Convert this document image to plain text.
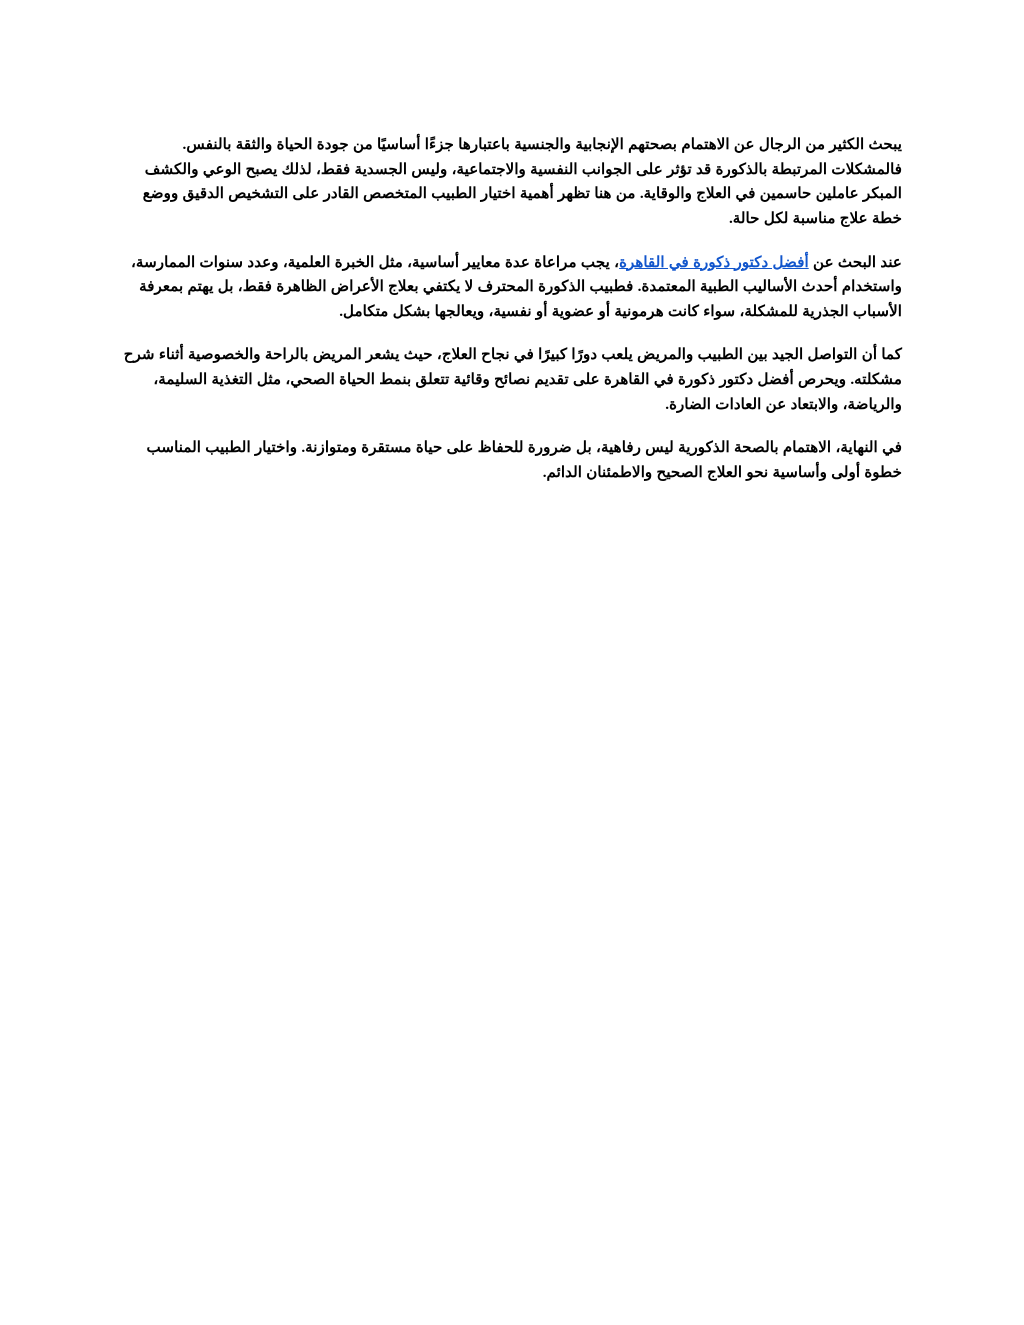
يبحث الكثير من الرجال عن الاهتمام بصحتهم الإنجابية والجنسية باعتبارها جزءًا أساسيًا من جودة الحياة والثقة بالنفس. فالمشكلات المرتبطة بالذكورة قد تؤثر على الجوانب النفسية والاجتماعية، وليس الجسدية فقط، لذلك يصبح الوعي والكشف المبكر عاملين حاسمين في العلاج والوقاية. من هنا تظهر أهمية اختيار الطبيب المتخصص القادر على التشخيص الدقيق ووضع خطة علاج مناسبة لكل حالة.

عند البحث عن أفضل دكتور ذكورة في القاهرة، يجب مراعاة عدة معايير أساسية، مثل الخبرة العلمية، وعدد سنوات الممارسة، واستخدام أحدث الأساليب الطبية المعتمدة. فطبيب الذكورة المحترف لا يكتفي بعلاج الأعراض الظاهرة فقط، بل يهتم بمعرفة الأسباب الجذرية للمشكلة، سواء كانت هرمونية أو عضوية أو نفسية، ويعالجها بشكل متكامل.

كما أن التواصل الجيد بين الطبيب والمريض يلعب دورًا كبيرًا في نجاح العلاج، حيث يشعر المريض بالراحة والخصوصية أثناء شرح مشكلته. ويحرص أفضل دكتور ذكورة في القاهرة على تقديم نصائح وقائية تتعلق بنمط الحياة الصحي، مثل التغذية السليمة، والرياضة، والابتعاد عن العادات الضارة.

في النهاية، الاهتمام بالصحة الذكورية ليس رفاهية، بل ضرورة للحفاظ على حياة مستقرة ومتوازنة. واختيار الطبيب المناسب خطوة أولى وأساسية نحو العلاج الصحيح والاطمئنان الدائم.
